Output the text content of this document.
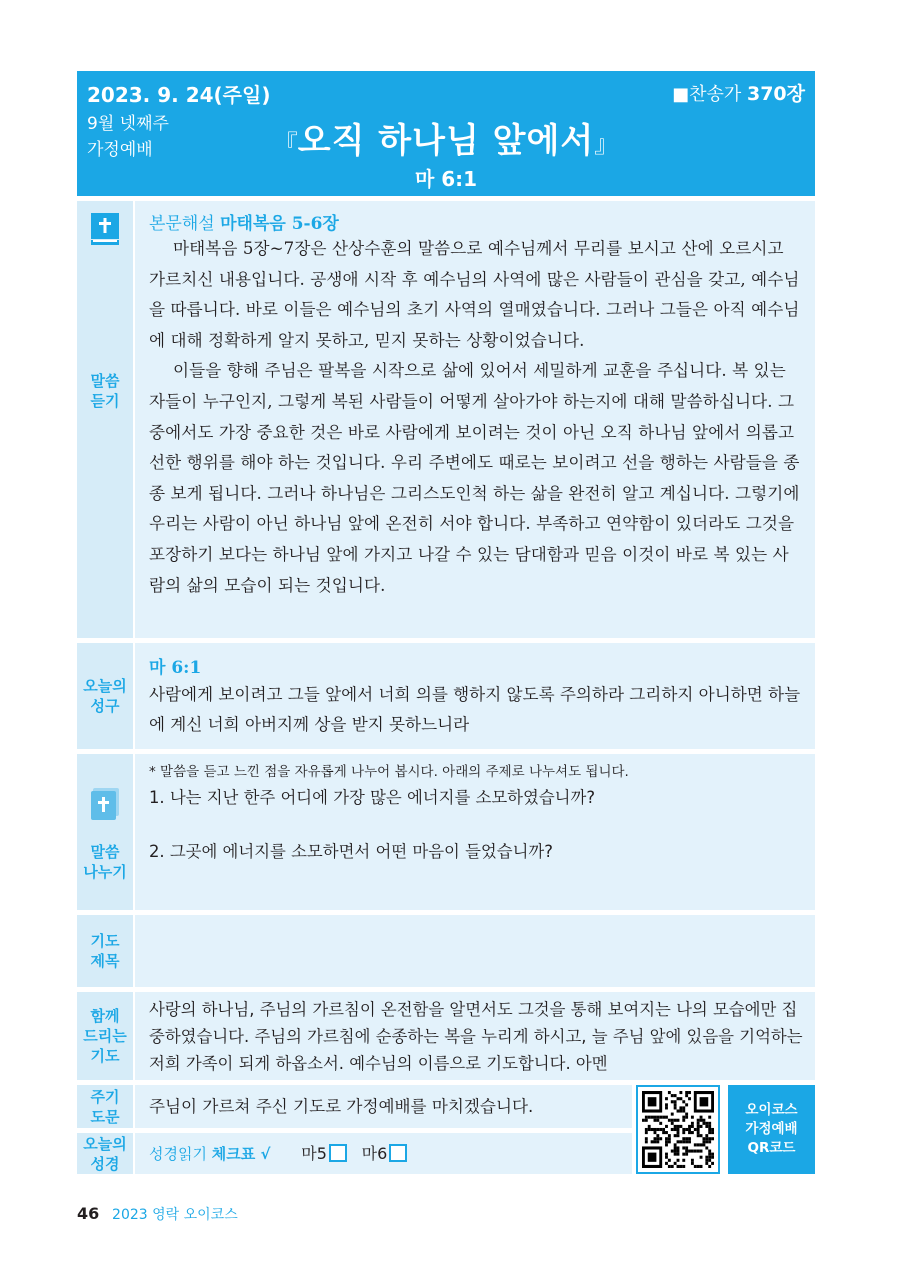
2023. 9. 24(주일)
9월 넷째주
가정예배
■찬송가 370장
『오직 하나님 앞에서』
마 6:1
말씀
듣기
본문해설 마태복음 5-6장

마태복음 5장~7장은 산상수훈의 말씀으로 예수님께서 무리를 보시고 산에 오르시고 가르치신 내용입니다. 공생애 시작 후 예수님의 사역에 많은 사람들이 관심을 갖고, 예수님을 따릅니다. 바로 이들은 예수님의 초기 사역의 열매였습니다. 그러나 그들은 아직 예수님에 대해 정확하게 알지 못하고, 믿지 못하는 상황이었습니다.

이들을 향해 주님은 팔복을 시작으로 삶에 있어서 세밀하게 교훈을 주십니다. 복 있는 자들이 누구인지, 그렇게 복된 사람들이 어떻게 살아가야 하는지에 대해 말씀하십니다. 그 중에서도 가장 중요한 것은 바로 사람에게 보이려는 것이 아닌 오직 하나님 앞에서 의롭고 선한 행위를 해야 하는 것입니다. 우리 주변에도 때로는 보이려고 선을 행하는 사람들을 종종 보게 됩니다. 그러나 하나님은 그리스도인척 하는 삶을 완전히 알고 계십니다. 그렇기에 우리는 사람이 아닌 하나님 앞에 온전히 서야 합니다. 부족하고 연약함이 있더라도 그것을 포장하기 보다는 하나님 앞에 가지고 나갈 수 있는 담대함과 믿음 이것이 바로 복 있는 사람의 삶의 모습이 되는 것입니다.

오늘의
성구
마 6:1
사람에게 보이려고 그들 앞에서 너희 의를 행하지 않도록 주의하라 그리하지 아니하면 하늘에 계신 너희 아버지께 상을 받지 못하느니라
말씀
나누기
* 말씀을 듣고 느낀 점을 자유롭게 나누어 봅시다. 아래의 주제로 나누셔도 됩니다.
1. 나는 지난 한주 어디에 가장 많은 에너지를 소모하였습니까?
2. 그곳에 에너지를 소모하면서 어떤 마음이 들었습니까?
기도
제목
함께
드리는
기도
사랑의 하나님, 주님의 가르침이 온전함을 알면서도 그것을 통해 보여지는 나의 모습에만 집중하였습니다. 주님의 가르침에 순종하는 복을 누리게 하시고, 늘 주님 앞에 있음을 기억하는 저희 가족이 되게 하옵소서. 예수님의 이름으로 기도합니다. 아멘
주기
도문
주님이 가르쳐 주신 기도로 가정예배를 마치겠습니다.
오늘의
성경
성경읽기 체크표 √ 마5 마6
오이코스
가정예배
QR코드
46 2023 영락 오이코스
